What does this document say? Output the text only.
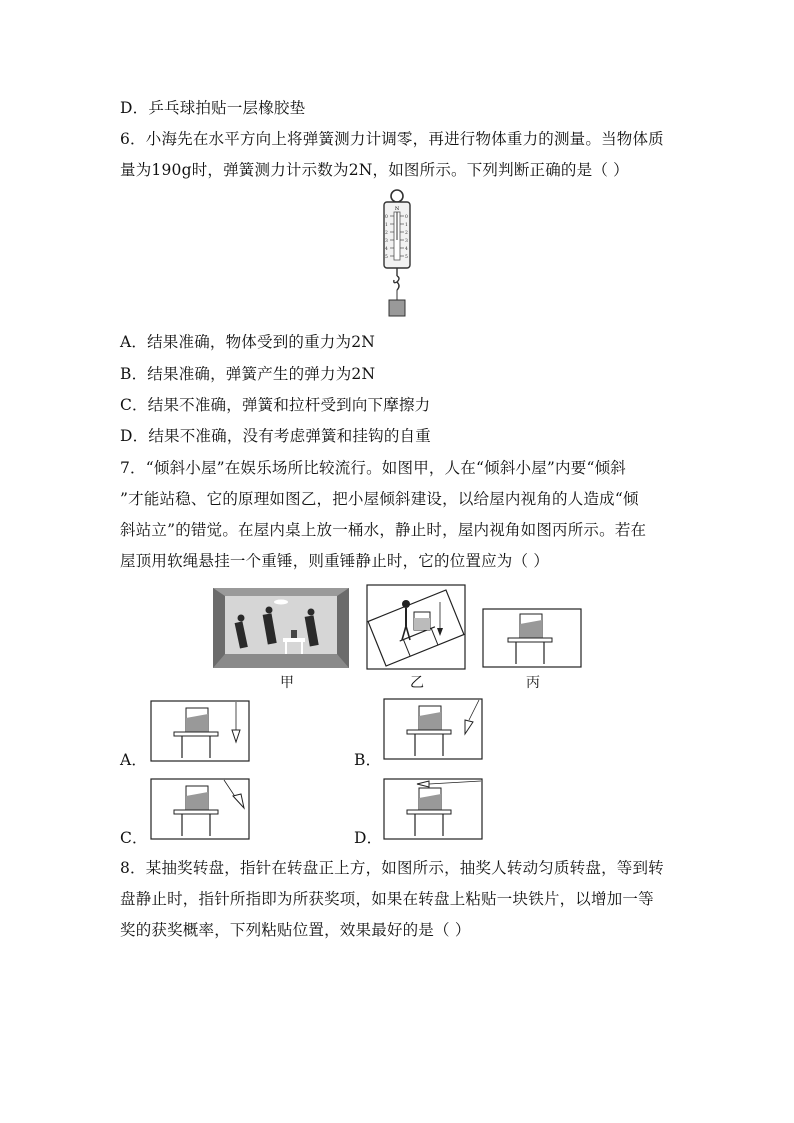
D．乒乓球拍贴一层橡胶垫
6．小海先在水平方向上将弹簧测力计调零，再进行物体重力的测量。当物体质
量为190g时，弹簧测力计示数为2N，如图所示。下列判断正确的是（ ）
N
0
1
2
3
4
5
0
1
2
3
4
5
A．结果准确，物体受到的重力为2N
B．结果准确，弹簧产生的弹力为2N
C．结果不准确，弹簧和拉杆受到向下摩擦力
D．结果不准确，没有考虑弹簧和挂钩的自重
7．“倾斜小屋”在娱乐场所比较流行。如图甲，人在“倾斜小屋”内要“倾斜
”才能站稳、它的原理如图乙，把小屋倾斜建设，以给屋内视角的人造成“倾
斜站立”的错觉。在屋内桌上放一桶水，静止时，屋内视角如图丙所示。若在
屋顶用软绳悬挂一个重锤，则重锤静止时，它的位置应为（ ）
甲	乙	丙
A．	B．
C．	D．
8．某抽奖转盘，指针在转盘正上方，如图所示，抽奖人转动匀质转盘，等到转
盘静止时，指针所指即为所获奖项，如果在转盘上粘贴一块铁片，以增加一等
奖的获奖概率，下列粘贴位置，效果最好的是（ ）
